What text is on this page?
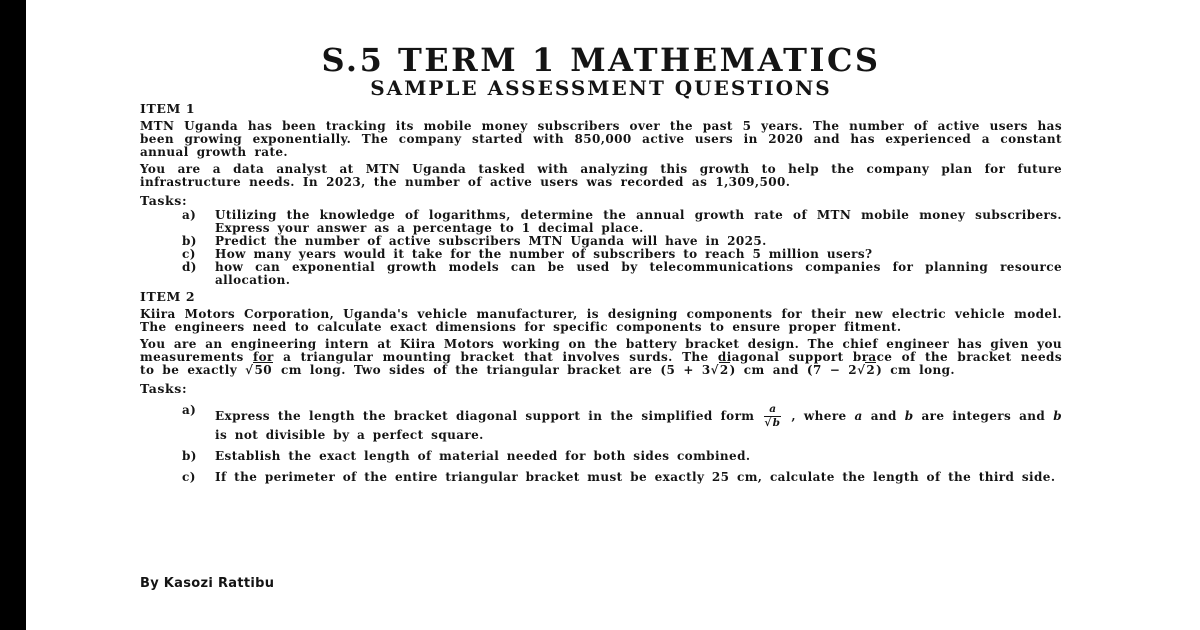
S.5 TERM 1 MATHEMATICS
SAMPLE ASSESSMENT QUESTIONS
ITEM 1

MTN Uganda has been tracking its mobile money subscribers over the past 5 years. The number of active users has been growing exponentially. The company started with 850,000 active users in 2020 and has experienced a constant annual growth rate.

You are a data analyst at MTN Uganda tasked with analyzing this growth to help the company plan for future infrastructure needs. In 2023, the number of active users was recorded as 1,309,500.

Tasks:
a)	Utilizing the knowledge of logarithms, determine the annual growth rate of MTN mobile money subscribers. Express your answer as a percentage to 1 decimal place.
b)	Predict the number of active subscribers MTN Uganda will have in 2025.
c)	How many years would it take for the number of subscribers to reach 5 million users?
d)	how can exponential growth models can be used by telecommunications companies for planning resource allocation.
ITEM 2

Kiira Motors Corporation, Uganda's vehicle manufacturer, is designing components for their new electric vehicle model. The engineers need to calculate exact dimensions for specific components to ensure proper fitment.

You are an engineering intern at Kiira Motors working on the battery bracket design. The chief engineer has given you measurements for a triangular mounting bracket that involves surds. The diagonal support brace of the bracket needs to be exactly √50 cm long. Two sides of the triangular bracket are (5 + 3√2) cm and (7 − 2√2) cm long.

Tasks:
a)	Express the length the bracket diagonal support in the simplified form $\frac{a}{√b}$ , where a and b are integers and b is not divisible by a perfect square.
b)	Establish the exact length of material needed for both sides combined.
c)	If the perimeter of the entire triangular bracket must be exactly 25 cm, calculate the length of the third side.
By Kasozi Rattibu
